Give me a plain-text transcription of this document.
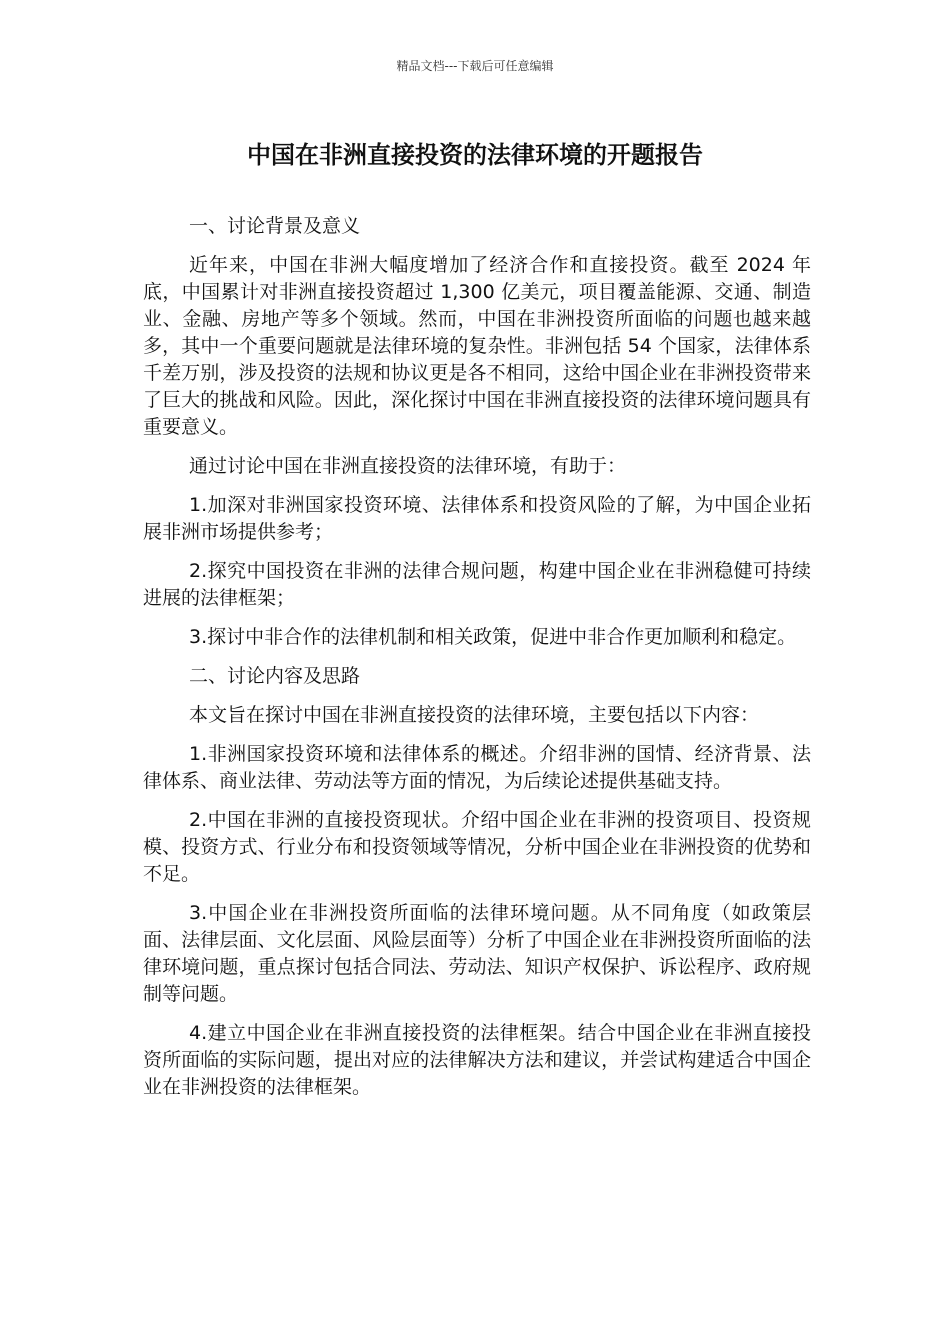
精品文档---下载后可任意编辑
中国在非洲直接投资的法律环境的开题报告

一、讨论背景及意义

近年来，中国在非洲大幅度增加了经济合作和直接投资。截至 2024 年底，中国累计对非洲直接投资超过 1,300 亿美元，项目覆盖能源、交通、制造业、金融、房地产等多个领域。然而，中国在非洲投资所面临的问题也越来越多，其中一个重要问题就是法律环境的复杂性。非洲包括 54 个国家，法律体系千差万别，涉及投资的法规和协议更是各不相同，这给中国企业在非洲投资带来了巨大的挑战和风险。因此，深化探讨中国在非洲直接投资的法律环境问题具有重要意义。

通过讨论中国在非洲直接投资的法律环境，有助于：

1.加深对非洲国家投资环境、法律体系和投资风险的了解，为中国企业拓展非洲市场提供参考；

2.探究中国投资在非洲的法律合规问题，构建中国企业在非洲稳健可持续进展的法律框架；

3.探讨中非合作的法律机制和相关政策，促进中非合作更加顺利和稳定。

二、讨论内容及思路

本文旨在探讨中国在非洲直接投资的法律环境，主要包括以下内容：

1.非洲国家投资环境和法律体系的概述。介绍非洲的国情、经济背景、法律体系、商业法律、劳动法等方面的情况，为后续论述提供基础支持。

2.中国在非洲的直接投资现状。介绍中国企业在非洲的投资项目、投资规模、投资方式、行业分布和投资领域等情况，分析中国企业在非洲投资的优势和不足。

3.中国企业在非洲投资所面临的法律环境问题。从不同角度（如政策层面、法律层面、文化层面、风险层面等）分析了中国企业在非洲投资所面临的法律环境问题，重点探讨包括合同法、劳动法、知识产权保护、诉讼程序、政府规制等问题。

4.建立中国企业在非洲直接投资的法律框架。结合中国企业在非洲直接投资所面临的实际问题，提出对应的法律解决方法和建议，并尝试构建适合中国企业在非洲投资的法律框架。
